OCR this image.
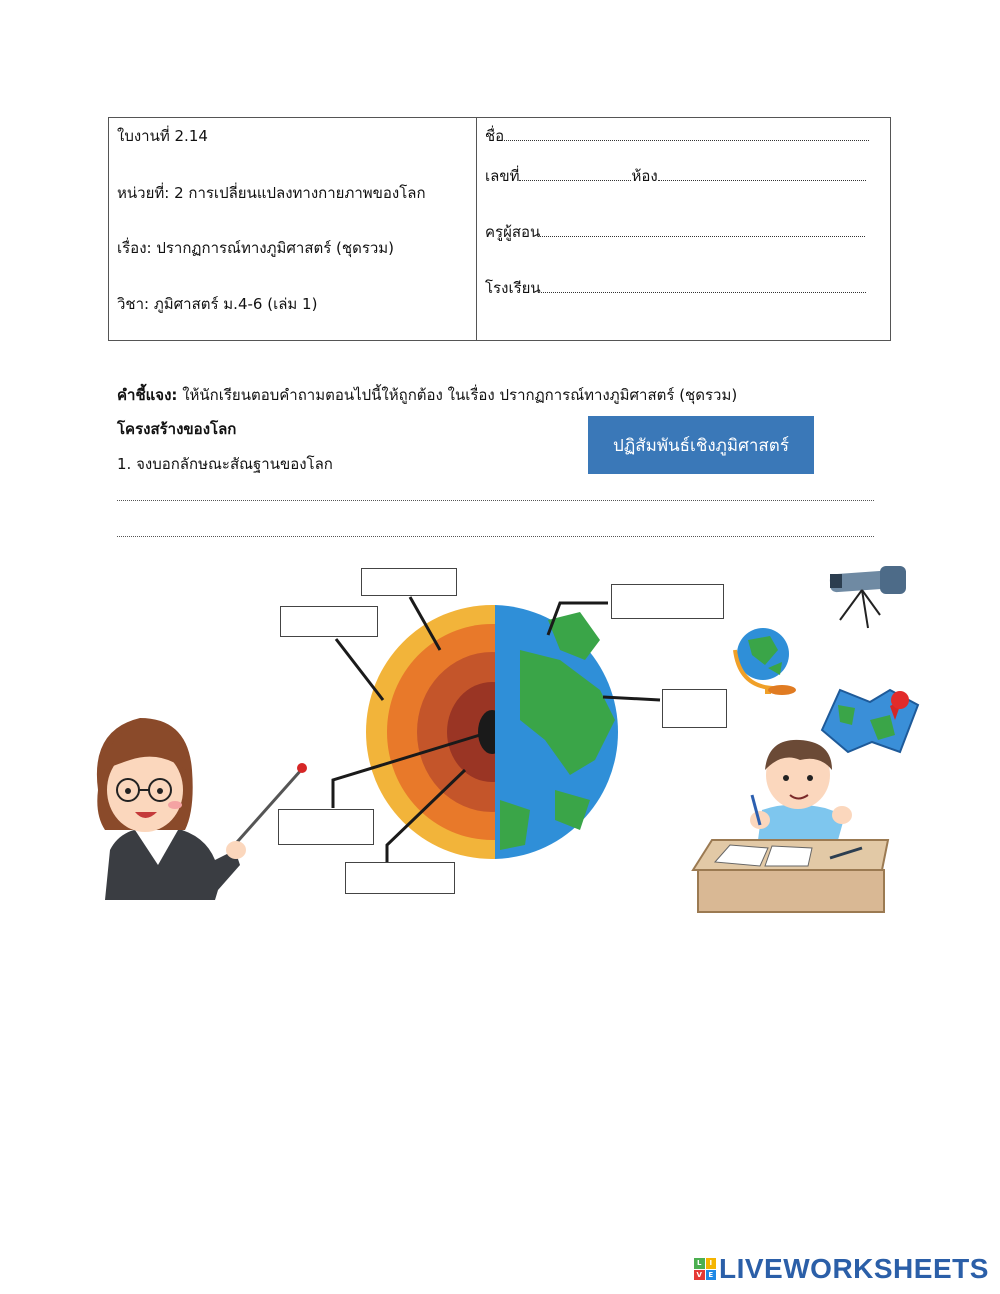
ใบงานที่ 2.14
หน่วยที่: 2 การเปลี่ยนแปลงทางกายภาพของโลก
เรื่อง: ปรากฏการณ์ทางภูมิศาสตร์ (ชุดรวม)
วิชา: ภูมิศาสตร์ ม.4-6 (เล่ม 1)
ชื่อ
เลขที่	ห้อง
ครูผู้สอน
โรงเรียน
คำชี้แจง: ให้นักเรียนตอบคำถามตอนไปนี้ให้ถูกต้อง ในเรื่อง ปรากฏการณ์ทางภูมิศาสตร์ (ชุดรวม)
โครงสร้างของโลก
1. จงบอกลักษณะสัณฐานของโลก
ปฏิสัมพันธ์เชิงภูมิศาสตร์
L	I
V E LIVEWORKSHEETS
